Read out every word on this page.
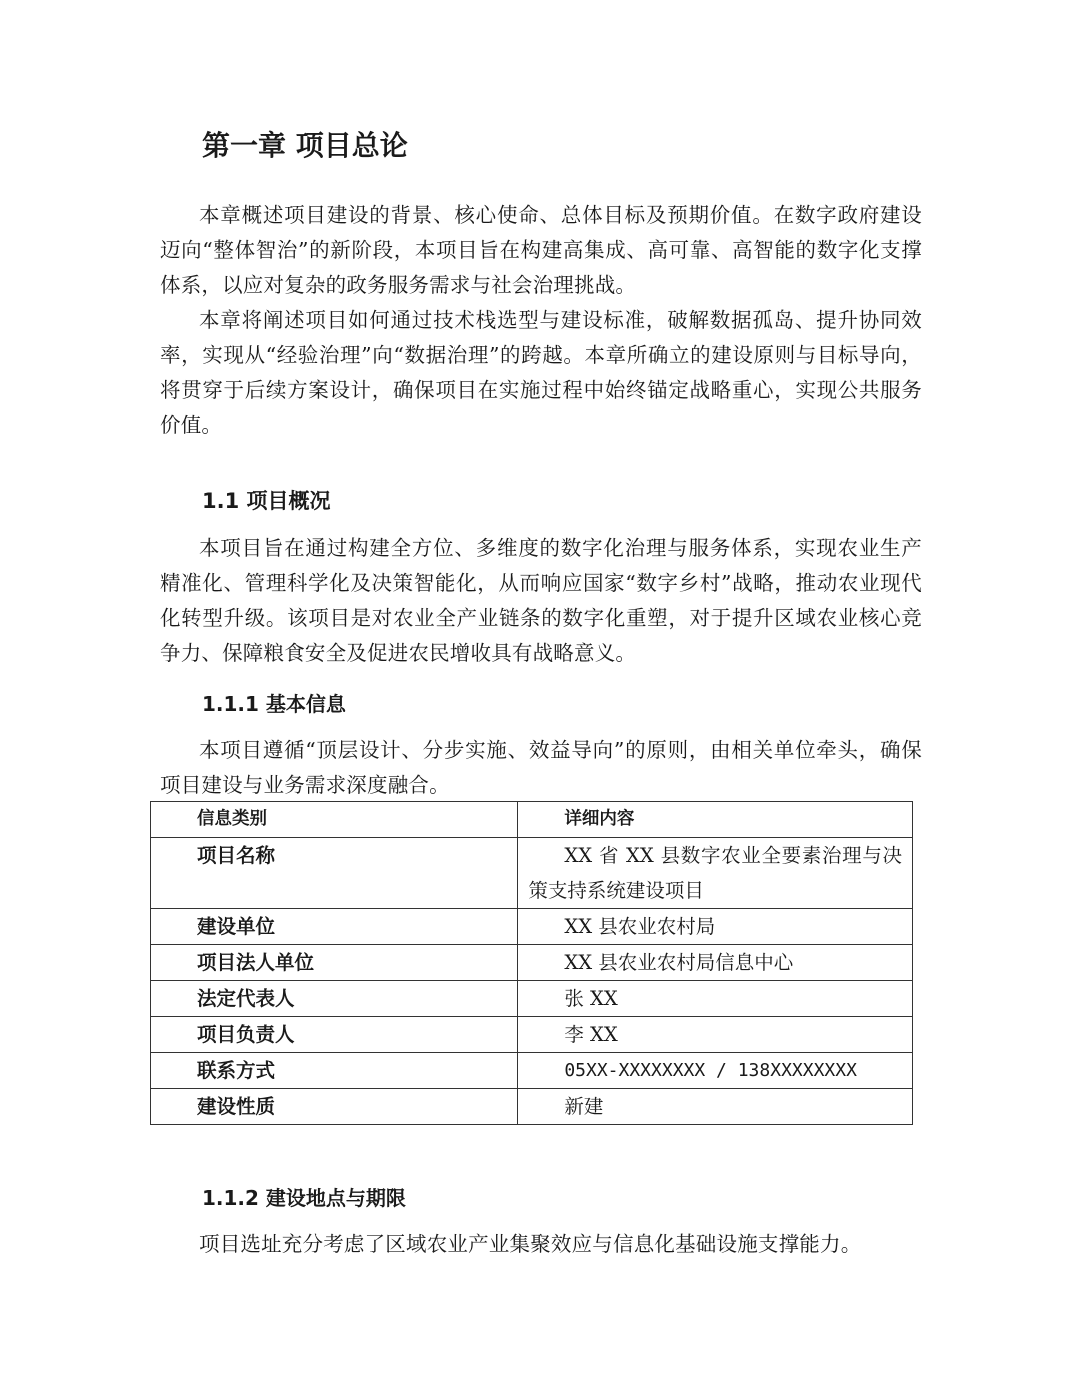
第一章 项目总论

本章概述项目建设的背景、核心使命、总体目标及预期价值。在数字政府建设迈向“整体智治”的新阶段，本项目旨在构建高集成、高可靠、高智能的数字化支撑体系，以应对复杂的政务服务需求与社会治理挑战。

本章将阐述项目如何通过技术栈选型与建设标准，破解数据孤岛、提升协同效率，实现从“经验治理”向“数据治理”的跨越。本章所确立的建设原则与目标导向，将贯穿于后续方案设计，确保项目在实施过程中始终锚定战略重心，实现公共服务价值。

1.1 项目概况

本项目旨在通过构建全方位、多维度的数字化治理与服务体系，实现农业生产精准化、管理科学化及决策智能化，从而响应国家“数字乡村”战略，推动农业现代化转型升级。该项目是对农业全产业链条的数字化重塑，对于提升区域农业核心竞争力、保障粮食安全及促进农民增收具有战略意义。

1.1.1 基本信息

本项目遵循“顶层设计、分步实施、效益导向”的原则，由相关单位牵头，确保项目建设与业务需求深度融合。

信息类别	详细内容
项目名称	XX 省 XX 县数字农业全要素治理与决策支持系统建设项目
建设单位	XX 县农业农村局
项目法人单位	XX 县农业农村局信息中心
法定代表人	张 XX
项目负责人	李 XX
联系方式	05XX-XXXXXXXX / 138XXXXXXXX
建设性质	新建
1.1.2 建设地点与期限

项目选址充分考虑了区域农业产业集聚效应与信息化基础设施支撑能力。
